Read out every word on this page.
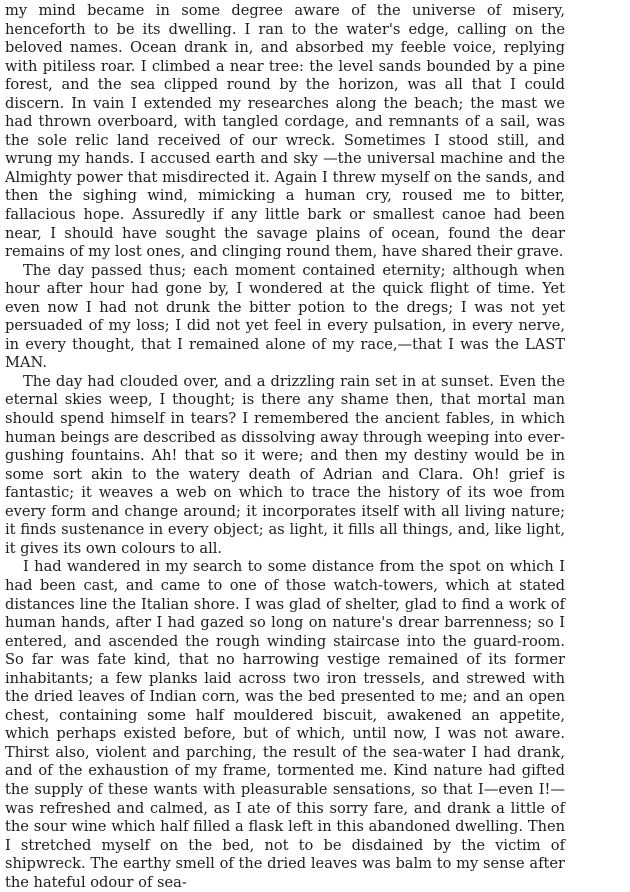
my mind became in some degree aware of the universe of misery, henceforth to be its dwelling. I ran to the water's edge, calling on the beloved names. Ocean drank in, and absorbed my feeble voice, replying with pitiless roar. I climbed a near tree: the level sands bounded by a pine forest, and the sea clipped round by the horizon, was all that I could discern. In vain I extended my researches along the beach; the mast we had thrown overboard, with tangled cordage, and remnants of a sail, was the sole relic land received of our wreck. Sometimes I stood still, and wrung my hands. I accused earth and sky —the universal machine and the Almighty power that misdirected it. Again I threw myself on the sands, and then the sighing wind, mimicking a human cry, roused me to bitter, fallacious hope. Assuredly if any little bark or smallest canoe had been near, I should have sought the savage plains of ocean, found the dear remains of my lost ones, and clinging round them, have shared their grave.

The day passed thus; each moment contained eternity; although when hour after hour had gone by, I wondered at the quick flight of time. Yet even now I had not drunk the bitter potion to the dregs; I was not yet persuaded of my loss; I did not yet feel in every pulsation, in every nerve, in every thought, that I remained alone of my race,—that I was the LAST MAN.

The day had clouded over, and a drizzling rain set in at sunset. Even the eternal skies weep, I thought; is there any shame then, that mortal man should spend himself in tears? I remembered the ancient fables, in which human beings are described as dissolving away through weeping into ever-gushing fountains. Ah! that so it were; and then my destiny would be in some sort akin to the watery death of Adrian and Clara. Oh! grief is fantastic; it weaves a web on which to trace the history of its woe from every form and change around; it incorporates itself with all living nature; it finds sustenance in every object; as light, it fills all things, and, like light, it gives its own colours to all.

I had wandered in my search to some distance from the spot on which I had been cast, and came to one of those watch-towers, which at stated distances line the Italian shore. I was glad of shelter, glad to find a work of human hands, after I had gazed so long on nature's drear barrenness; so I entered, and ascended the rough winding staircase into the guard-room. So far was fate kind, that no harrowing vestige remained of its former inhabitants; a few planks laid across two iron tressels, and strewed with the dried leaves of Indian corn, was the bed presented to me; and an open chest, containing some half mouldered biscuit, awakened an appetite, which perhaps existed before, but of which, until now, I was not aware. Thirst also, violent and parching, the result of the sea-water I had drank, and of the exhaustion of my frame, tormented me. Kind nature had gifted the supply of these wants with pleasurable sensations, so that I—even I!—was refreshed and calmed, as I ate of this sorry fare, and drank a little of the sour wine which half filled a flask left in this abandoned dwelling. Then I stretched myself on the bed, not to be disdained by the victim of shipwreck. The earthy smell of the dried leaves was balm to my sense after the hateful odour of sea-
